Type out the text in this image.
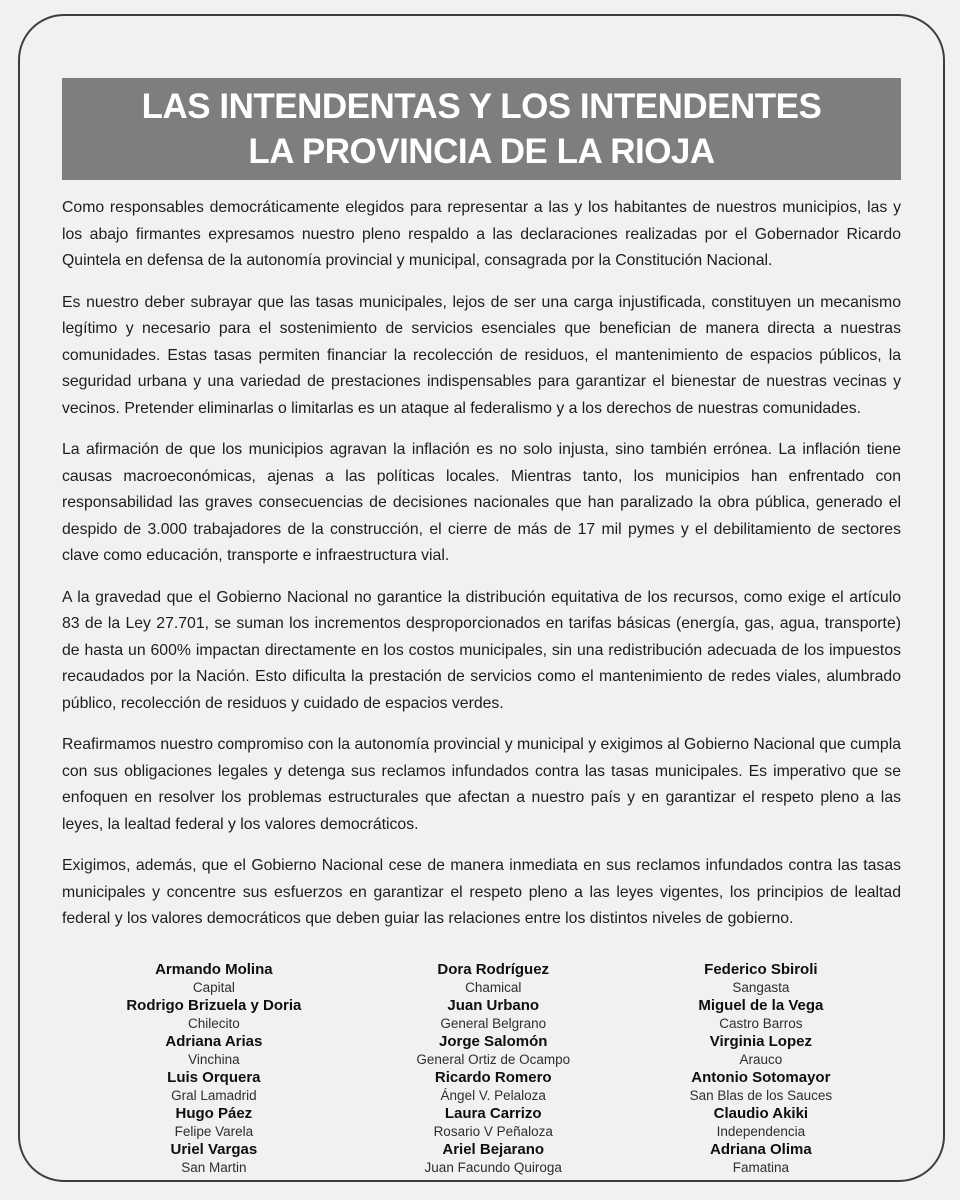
LAS INTENDENTAS Y LOS INTENDENTES
LA PROVINCIA DE LA RIOJA

Como responsables democráticamente elegidos para representar a las y los habitantes de nuestros municipios, las y los abajo firmantes expresamos nuestro pleno respaldo a las declaraciones realizadas por el Gobernador Ricardo Quintela en defensa de la autonomía provincial y municipal, consagrada por la Constitución Nacional.

Es nuestro deber subrayar que las tasas municipales, lejos de ser una carga injustificada, constituyen un mecanismo legítimo y necesario para el sostenimiento de servicios esenciales que benefician de manera directa a nuestras comunidades. Estas tasas permiten financiar la recolección de residuos, el mantenimiento de espacios públicos, la seguridad urbana y una variedad de prestaciones indispensables para garantizar el bienestar de nuestras vecinas y vecinos. Pretender eliminarlas o limitarlas es un ataque al federalismo y a los derechos de nuestras comunidades.

La afirmación de que los municipios agravan la inflación es no solo injusta, sino también errónea. La inflación tiene causas macroeconómicas, ajenas a las políticas locales. Mientras tanto, los municipios han enfrentado con responsabilidad las graves consecuencias de decisiones nacionales que han paralizado la obra pública, generado el despido de 3.000 trabajadores de la construcción, el cierre de más de 17 mil pymes y el debilitamiento de sectores clave como educación, transporte e infraestructura vial.

A la gravedad que el Gobierno Nacional no garantice la distribución equitativa de los recursos, como exige el artículo 83 de la Ley 27.701, se suman los incrementos desproporcionados en tarifas básicas (energía, gas, agua, transporte) de hasta un 600% impactan directamente en los costos municipales, sin una redistribución adecuada de los impuestos recaudados por la Nación. Esto dificulta la prestación de servicios como el mantenimiento de redes viales, alumbrado público, recolección de residuos y cuidado de espacios verdes.

Reafirmamos nuestro compromiso con la autonomía provincial y municipal y exigimos al Gobierno Nacional que cumpla con sus obligaciones legales y detenga sus reclamos infundados contra las tasas municipales. Es imperativo que se enfoquen en resolver los problemas estructurales que afectan a nuestro país y en garantizar el respeto pleno a las leyes, la lealtad federal y los valores democráticos.

Exigimos, además, que el Gobierno Nacional cese de manera inmediata en sus reclamos infundados contra las tasas municipales y concentre sus esfuerzos en garantizar el respeto pleno a las leyes vigentes, los principios de lealtad federal y los valores democráticos que deben guiar las relaciones entre los distintos niveles de gobierno.

Armando Molina
Capital
Rodrigo Brizuela y Doria
Chilecito
Adriana Arias
Vinchina
Luis Orquera
Gral Lamadrid
Hugo Páez
Felipe Varela
Uriel Vargas
San Martin
Dora Rodríguez
Chamical
Juan Urbano
General Belgrano
Jorge Salomón
General Ortiz de Ocampo
Ricardo Romero
Ángel V. Pelaloza
Laura Carrizo
Rosario V Peñaloza
Ariel Bejarano
Juan Facundo Quiroga
Federico Sbiroli
Sangasta
Miguel de la Vega
Castro Barros
Virginia Lopez
Arauco
Antonio Sotomayor
San Blas de los Sauces
Claudio Akiki
Independencia
Adriana Olima
Famatina
